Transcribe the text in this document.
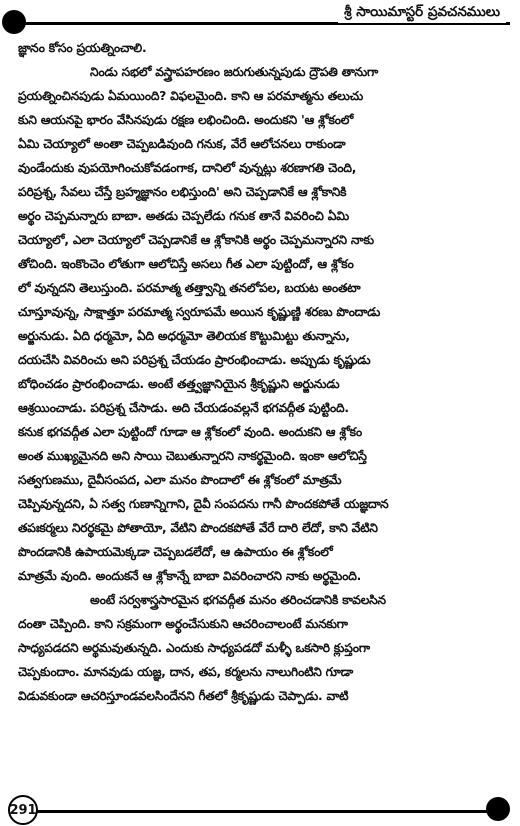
శ్రీ సాయిమాస్టర్ ప్రవచనములు
జ్ఞానం కోసం ప్రయత్నించాలి.
నిండు సభలో వస్త్రాపహరణం జరుగుతున్నపుడు ద్రౌపతి తానుగా
ప్రయత్నించినపుడు ఏమయింది? విఫలమైంది. కాని ఆ పరమాత్మను తలుచు
కుని ఆయనపై భారం వేసినపుడు రక్షణ లభించింది. అందుకని 'ఆ శ్లోకంలో
ఏమి చెయ్యాలో అంతా చెప్పబడివుంది గనుక, వేరే ఆలోచనలు రాకుండా
వుండేందుకు వుపయోగించుకోవడంగాక, దానిలో వున్నట్లు శరణాగతి చెంది,
పరిప్రశ్న, సేవలు చేస్తే బ్రహ్మజ్ఞానం లభిస్తుంది' అని చెప్పడానికే ఆ శ్లోకానికి
అర్థం చెప్పమన్నారు బాబా. అతడు చెప్పలేడు గనుక తానే వివరించి ఏమి
చెయ్యాలో, ఎలా చెయ్యాలో చెప్పడానికే ఆ శ్లోకానికి అర్థం చెప్పమన్నారని నాకు
తోచింది. ఇంకొంచెం లోతుగా ఆలోచిస్తే అసలు గీత ఎలా పుట్టిందో, ఆ శ్లోకం
లో వున్నదని తెలుస్తుంది. పరమాత్మ తత్త్వాన్ని తనలోపల, బయట అంతటా
చూస్తూవున్న, సాక్షాత్తూ పరమాత్మ స్వరూపమే అయిన కృష్ణుణ్ణి శరణు పొందాడు
అర్జునుడు. ఏది ధర్మమో, ఏది అధర్మమో తెలియక కొట్టుమిట్టు తున్నాను,
దయచేసి వివరించు అని పరిప్రశ్న చేయడం ప్రారంభించాడు. అప్పుడు కృష్ణుడు
బోధించడం ప్రారంభించాడు. అంటే తత్త్వజ్ఞానియైన శ్రీకృష్ణుని అర్జునుడు
ఆశ్రయించాడు. పరిప్రశ్న చేసాడు. అది చేయడంవల్లనే భగవద్గీత పుట్టింది.
కనుక భగవద్గీత ఎలా పుట్టిందో గూడా ఆ శ్లోకంలో వుంది. అందుకని ఆ శ్లోకం
అంత ముఖ్యమైనది అని సాయి చెబుతున్నారని నాకర్థమైంది. ఇంకా ఆలోచిస్తే
సత్వగుణము, దైవీసంపద, ఎలా మనం పొందాలో ఈ శ్లోకంలో మాత్రమే
చెప్పివున్నదని, ఏ సత్వ గుణాన్నిగాని, దైవీ సంపదను గానీ పొందకపోతే యజ్ఞదాన
తపఃకర్మలు నిరర్థకమై పోతాయో, వేటిని పొందకపోతే వేరే దారి లేదో, కాని వేటిని
పొందడానికి ఉపాయమెక్కడా చెప్పబడలేదో, ఆ ఉపాయం ఈ శ్లోకంలో
మాత్రమే వుంది. అందుకనే ఆ శ్లోకాన్నే బాబా వివరించారని నాకు అర్థమైంది.
అంటే సర్వశాస్త్రసారమైన భగవద్గీత మనం తరించడానికి కావలసిన
దంతా చెప్పింది. కాని సక్రమంగా అర్థంచేసుకుని ఆచరించాలంటే మనకుగా
సాధ్యపడదని అర్థమవుతున్నది. ఎందుకు సాధ్యపడదో మళ్ళీ ఒకసారి క్లుప్తంగా
చెప్పకుందాం. మానవుడు యజ్ఞ, దాన, తప, కర్మలను నాలుగింటిని గూడా
విడువకుండా ఆచరిస్తూండవలసిందేనని గీతలో శ్రీకృష్ణుడు చెప్పాడు. వాటి
291
